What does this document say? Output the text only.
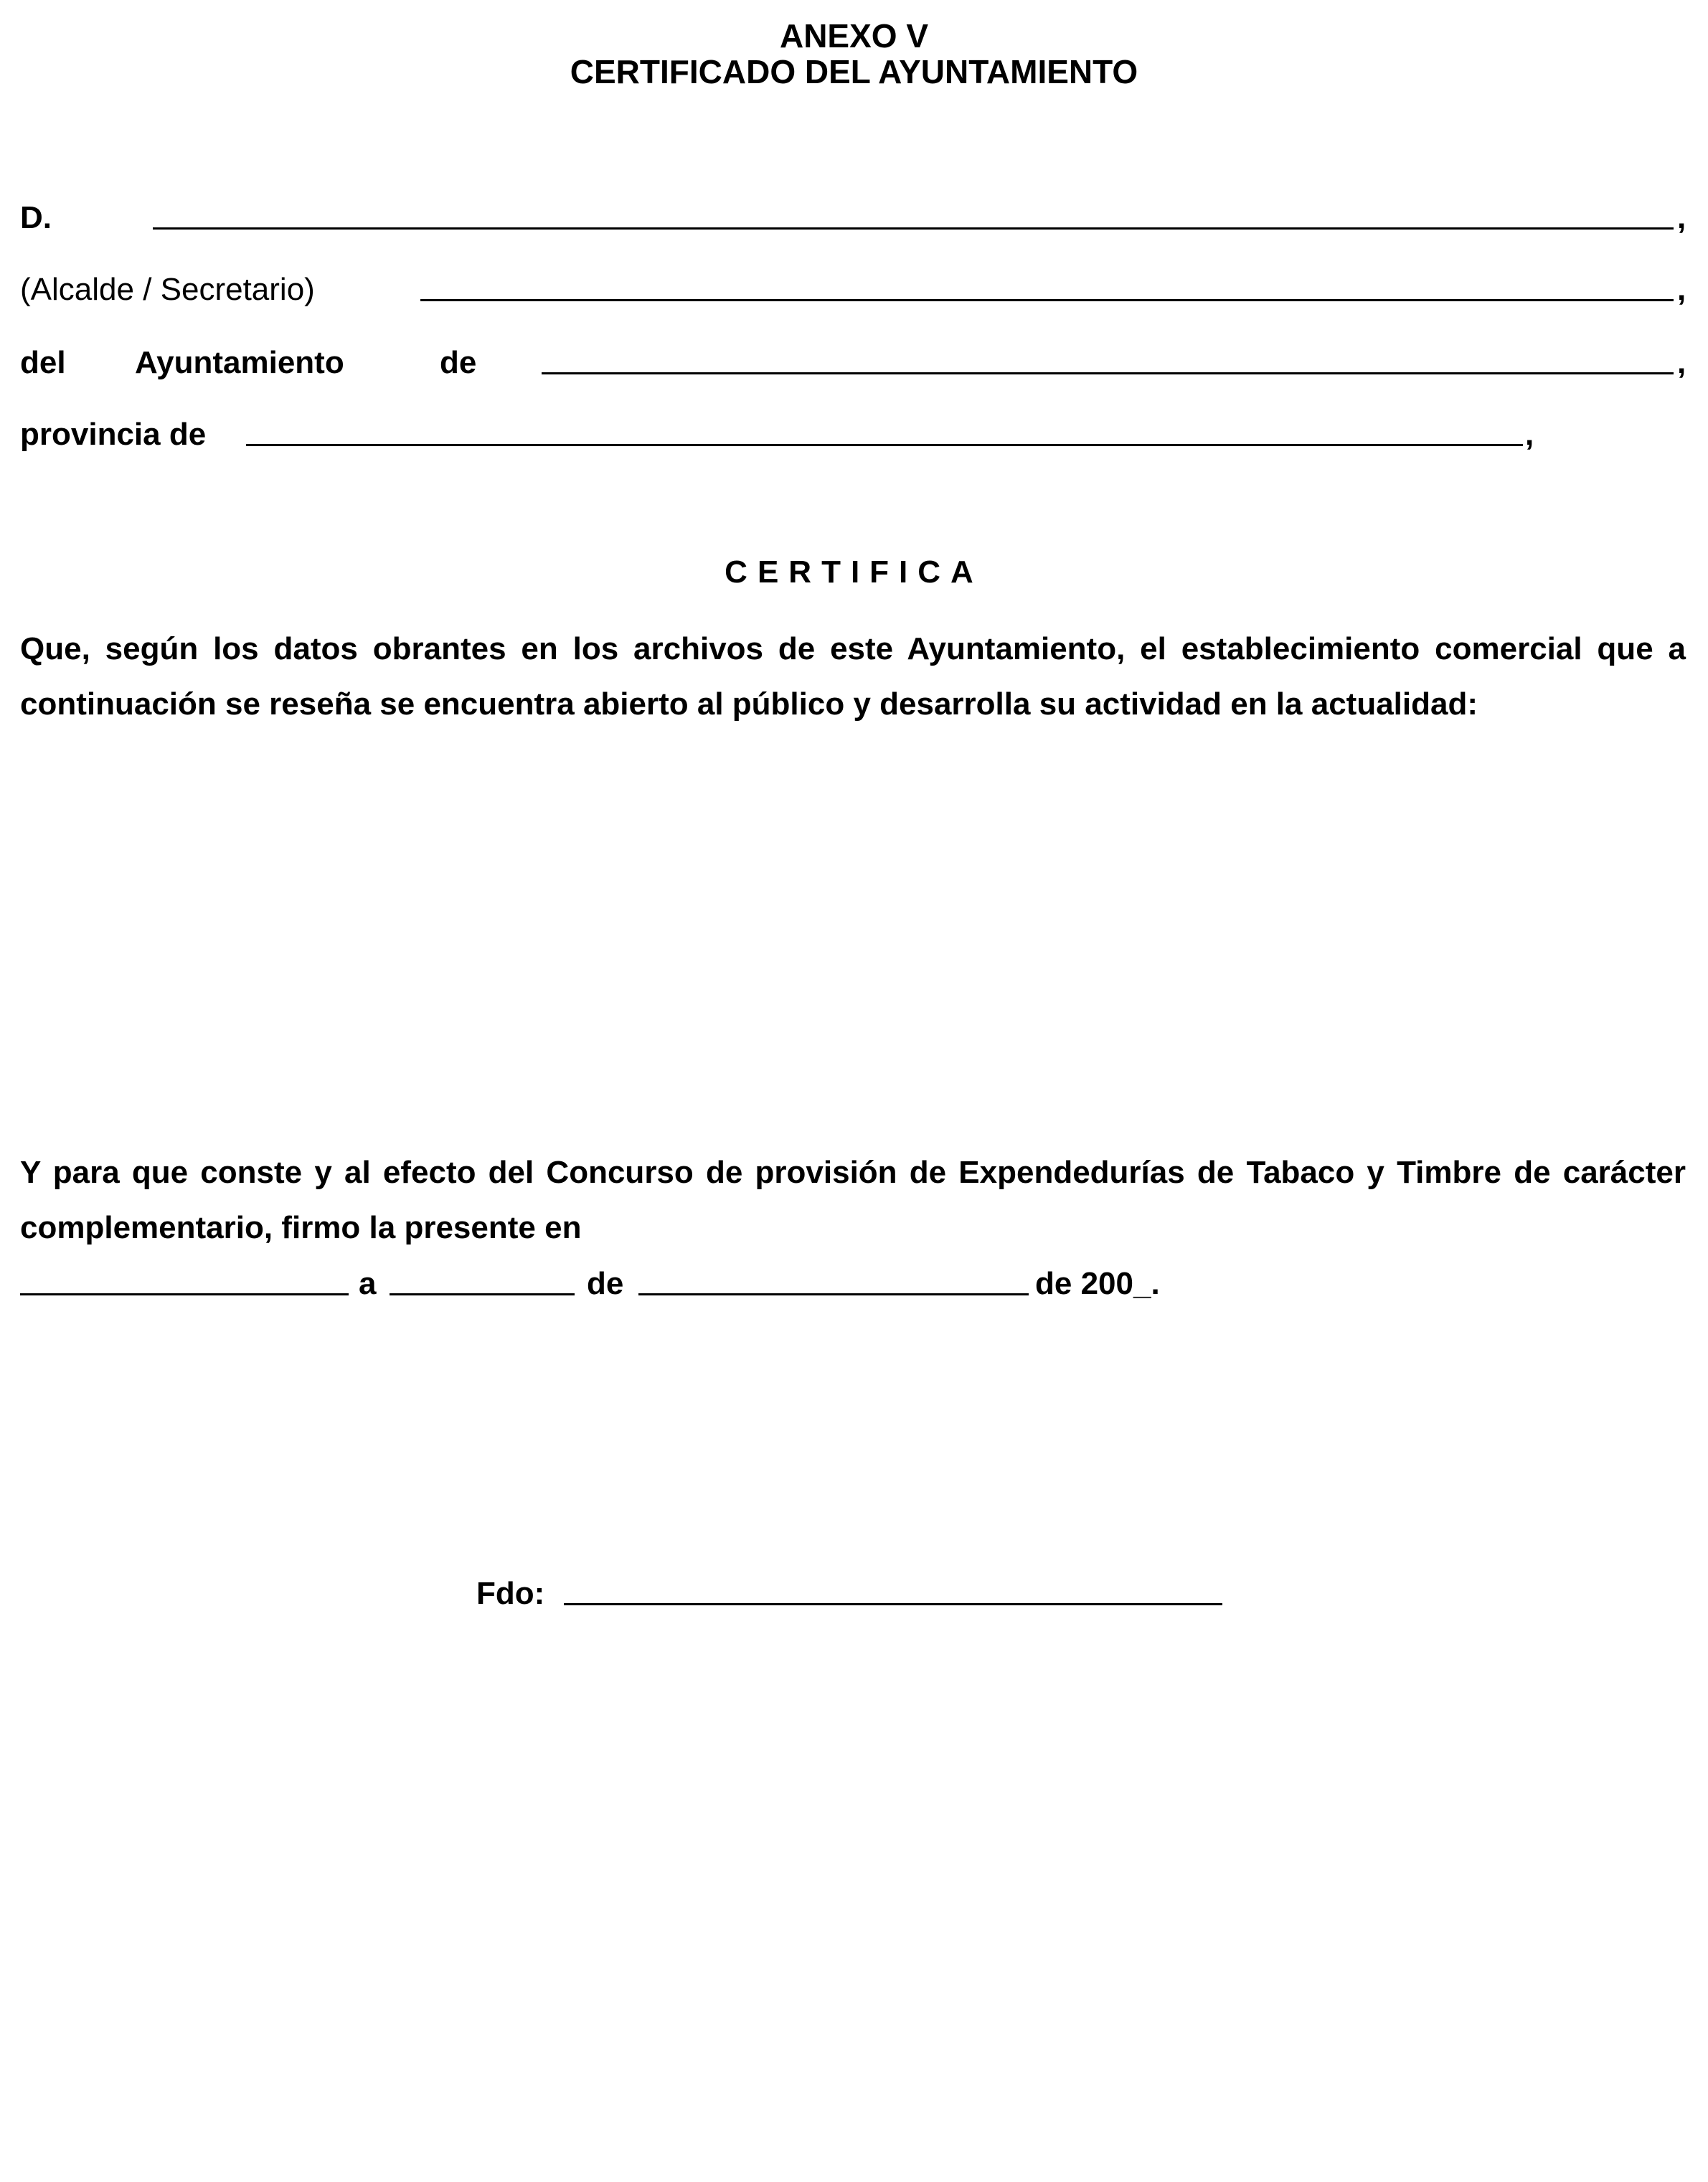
ANEXO V
CERTIFICADO DEL AYUNTAMIENTO
D.	,
(Alcalde / Secretario)	,
del Ayuntamiento	de	,
provincia de	,
CERTIFICA
Que, según los datos obrantes en los archivos de este Ayuntamiento, el establecimiento comercial que a continuación se reseña se encuentra abierto al público y desarrolla su actividad en la actualidad:
Y para que conste y al efecto del Concurso de provisión de Expendedurías de Tabaco y Timbre de carácter complementario, firmo la presente en
a	de	de 200_.
Fdo:
